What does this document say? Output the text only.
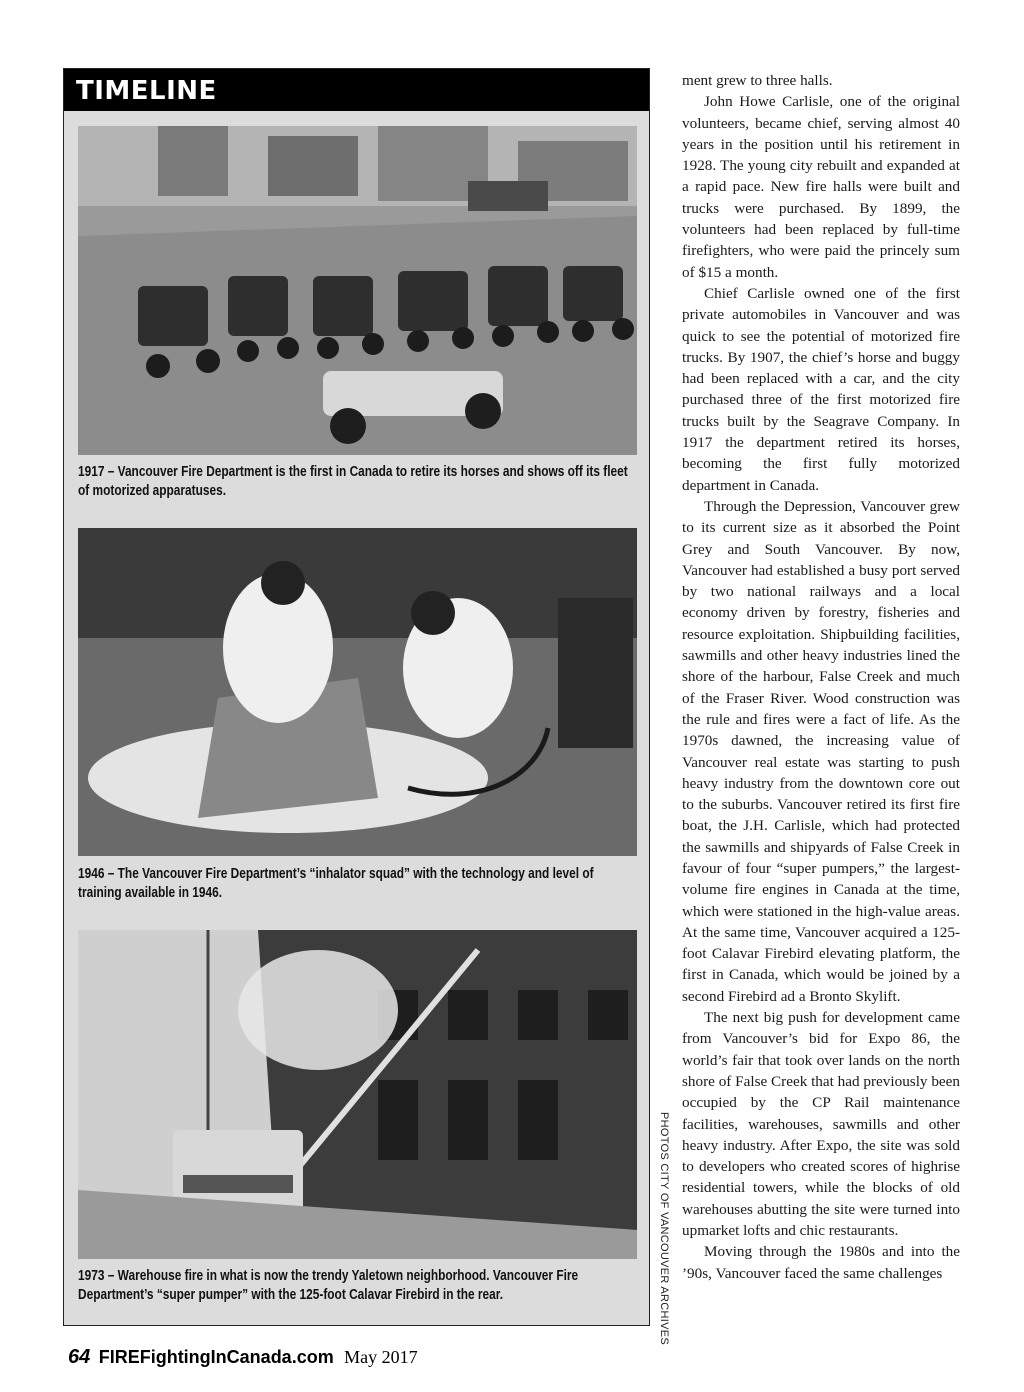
TIMELINE
1917 – Vancouver Fire Department is the first in Canada to retire its horses and shows off its fleet of motorized apparatuses.
1946 – The Vancouver Fire Department’s “inhalator squad” with the technology and level of training available in 1946.
1973 – Warehouse fire in what is now the trendy Yaletown neighborhood. Vancouver Fire Department’s “super pumper” with the 125-foot Calavar Firebird in the rear.	PHOTOS CITY OF VANCOUVER ARCHIVES

ment grew to three halls.

John Howe Carlisle, one of the original volunteers, became chief, serving almost 40 years in the position until his retirement in 1928. The young city rebuilt and expanded at a rapid pace. New fire halls were built and trucks were purchased. By 1899, the volunteers had been replaced by full-time firefighters, who were paid the princely sum of $15 a month.

Chief Carlisle owned one of the first private automobiles in Vancouver and was quick to see the potential of motorized fire trucks. By 1907, the chief’s horse and buggy had been replaced with a car, and the city purchased three of the first motorized fire trucks built by the Seagrave Company. In 1917 the department retired its horses, becoming the first fully motorized department in Canada.

Through the Depression, Vancouver grew to its current size as it absorbed the Point Grey and South Vancouver. By now, Vancouver had established a busy port served by two national railways and a local economy driven by forestry, fisheries and resource exploitation. Shipbuilding facilities, sawmills and other heavy industries lined the shore of the harbour, False Creek and much of the Fraser River. Wood construction was the rule and fires were a fact of life. As the 1970s dawned, the increasing value of Vancouver real estate was starting to push heavy industry from the downtown core out to the suburbs. Vancouver retired its first fire boat, the J.H. Carlisle, which had protected the sawmills and shipyards of False Creek in favour of four “super pumpers,” the largest-volume fire engines in Canada at the time, which were stationed in the high-value areas. At the same time, Vancouver acquired a 125-foot Calavar Firebird elevating platform, the first in Canada, which would be joined by a second Firebird ad a Bronto Skylift.

The next big push for development came from Vancouver’s bid for Expo 86, the world’s fair that took over lands on the north shore of False Creek that had previously been occupied by the CP Rail maintenance facilities, warehouses, sawmills and other heavy industry. After Expo, the site was sold to developers who created scores of highrise residential towers, while the blocks of old warehouses abutting the site were turned into upmarket lofts and chic restaurants.

Moving through the 1980s and into the ’90s, Vancouver faced the same challenges

64 FIREFightingInCanada.com May 2017
